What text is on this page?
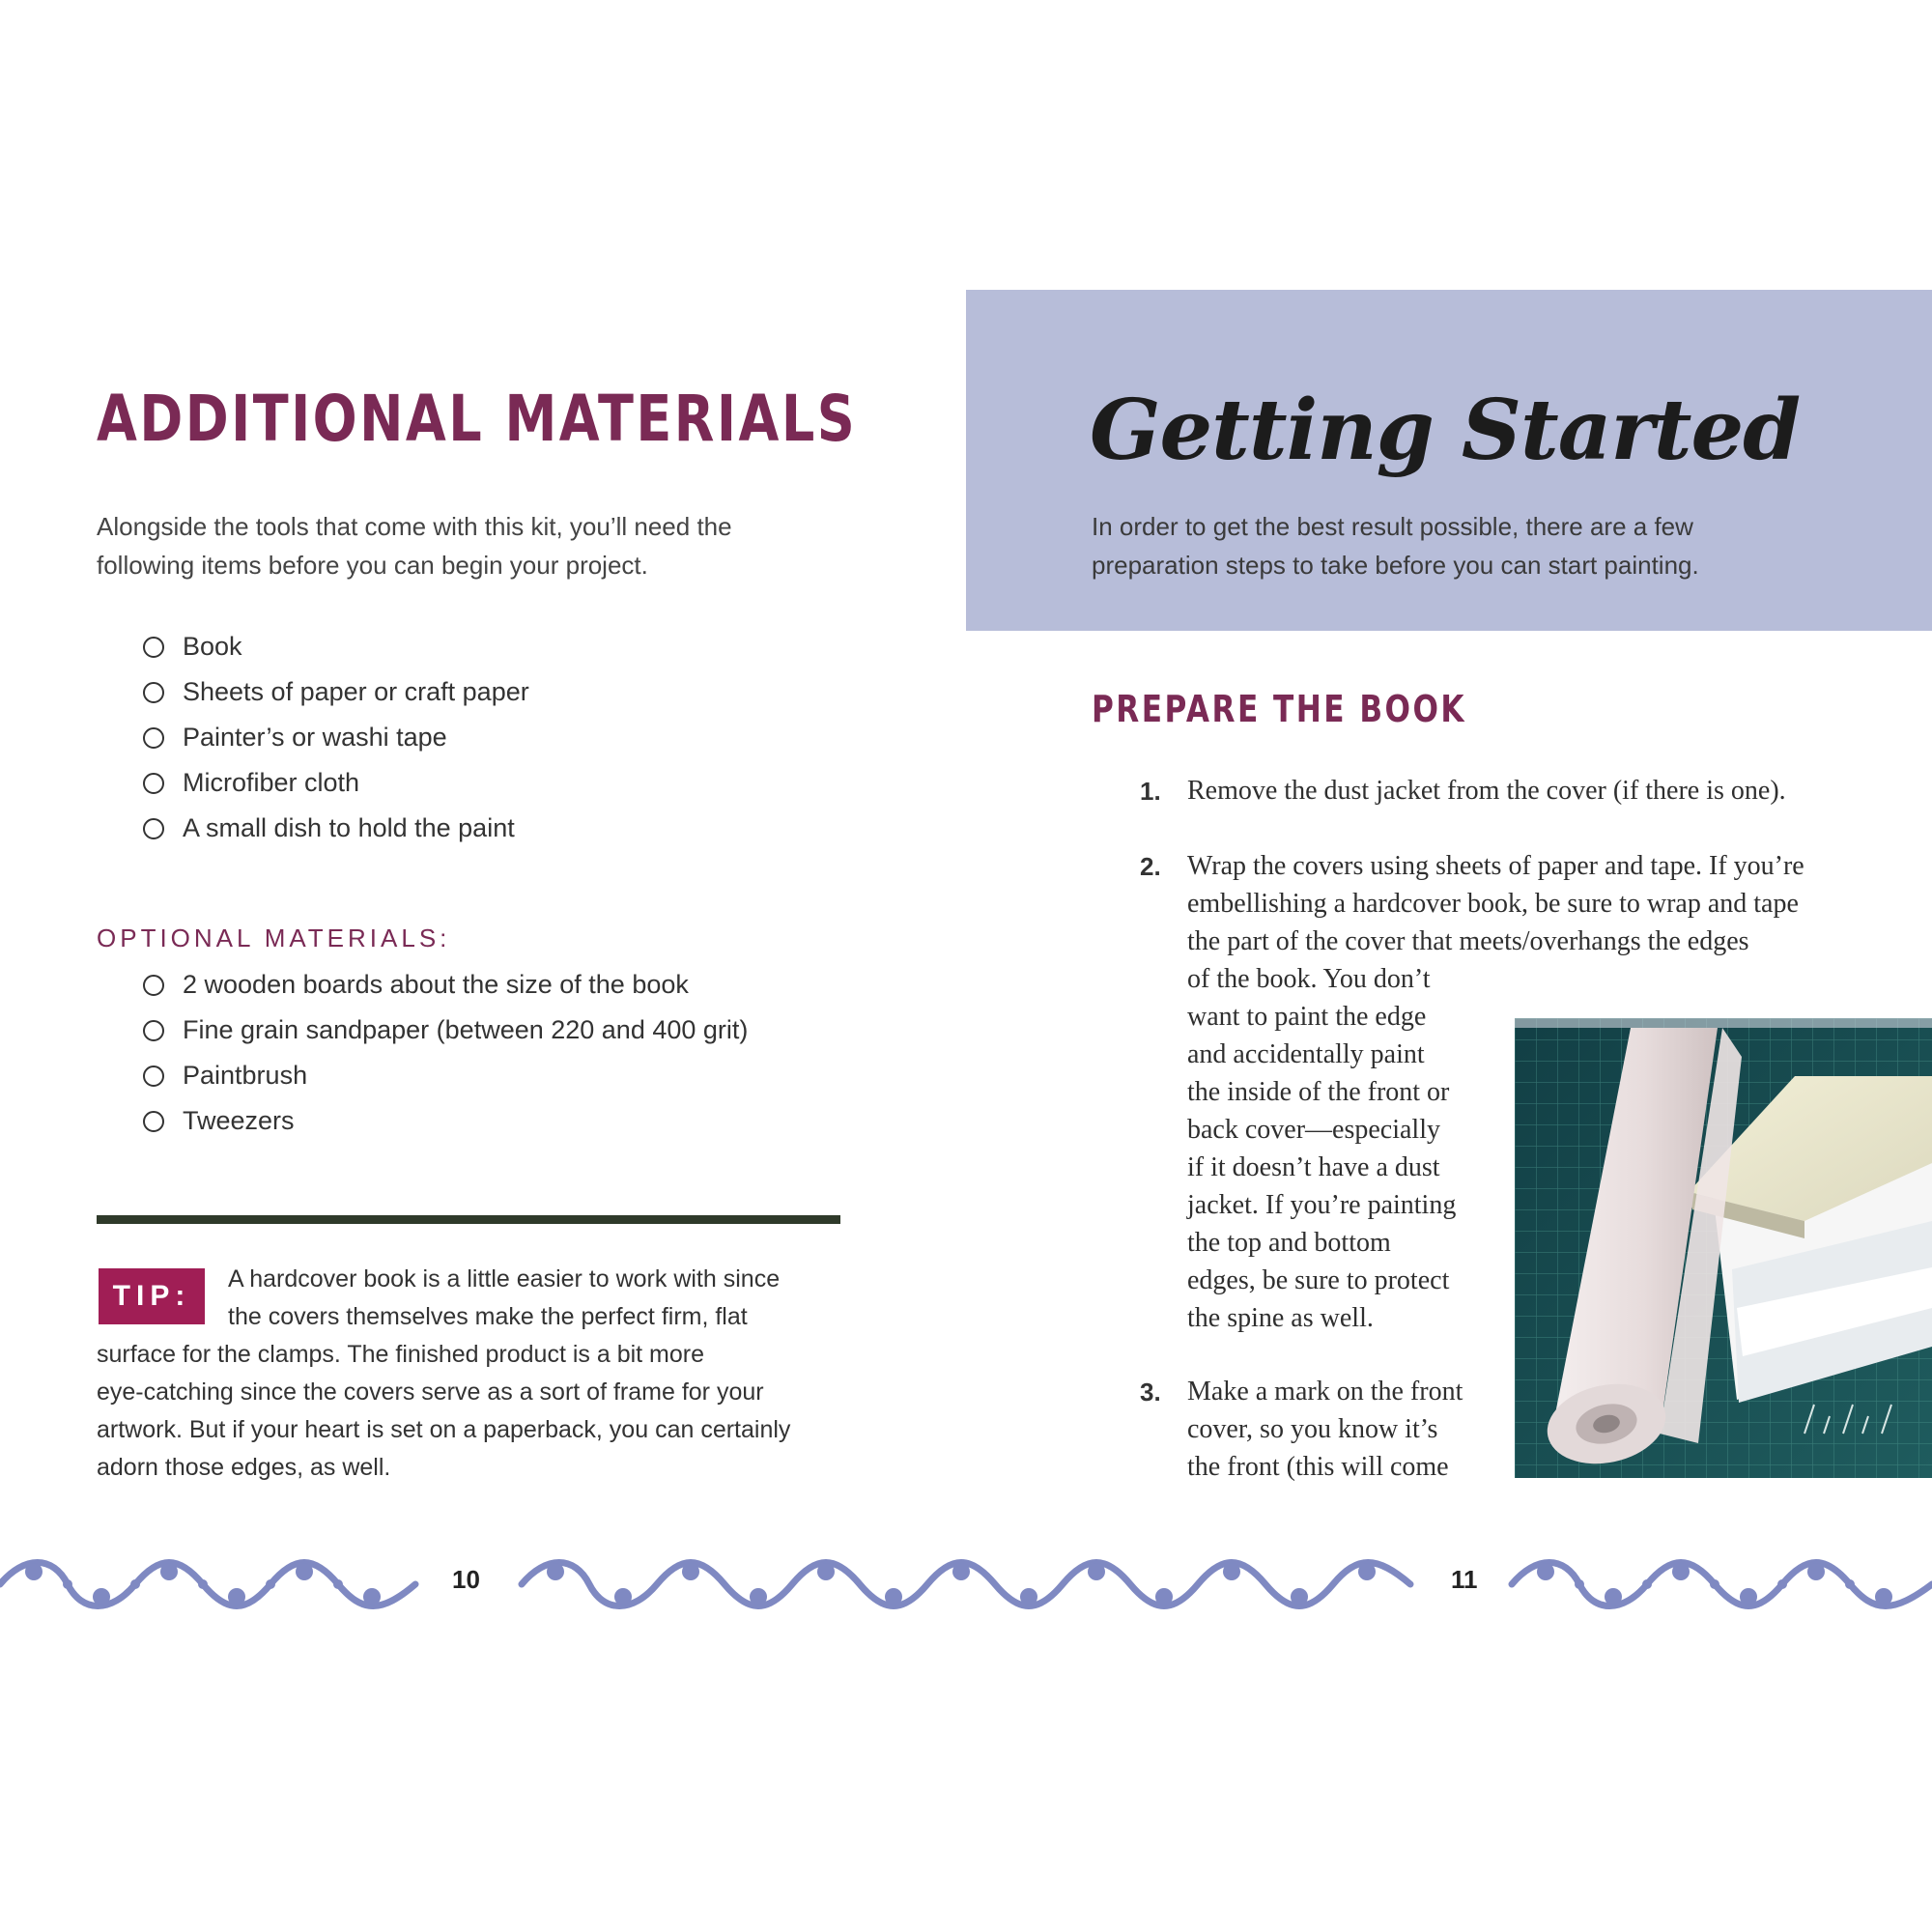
ADDITIONAL MATERIALS
Alongside the tools that come with this kit, you’ll need the
following items before you can begin your project.
Book
Sheets of paper or craft paper
Painter’s or washi tape
Microfiber cloth
A small dish to hold the paint
OPTIONAL MATERIALS:
2 wooden boards about the size of the book
Fine grain sandpaper (between 220 and 400 grit)
Paintbrush
Tweezers
TIP:
A hardcover book is a little easier to work with since
the covers themselves make the perfect firm, flat
surface for the clamps. The finished product is a bit more
eye-catching since the covers serve as a sort of frame for your
artwork. But if your heart is set on a paperback, you can certainly
adorn those edges, as well.
Getting Started
In order to get the best result possible, there are a few
preparation steps to take before you can start painting.
PREPARE THE BOOK
1. Remove the dust jacket from the cover (if there is one).
2. Wrap the covers using sheets of paper and tape. If you’re
embellishing a hardcover book, be sure to wrap and tape
the part of the cover that meets/overhangs the edges
of the book. You don’t
want to paint the edge
and accidentally paint
the inside of the front or
back cover—especially
if it doesn’t have a dust
jacket. If you’re painting
the top and bottom
edges, be sure to protect
the spine as well.
3. Make a mark on the front
cover, so you know it’s
the front (this will come
10	11
